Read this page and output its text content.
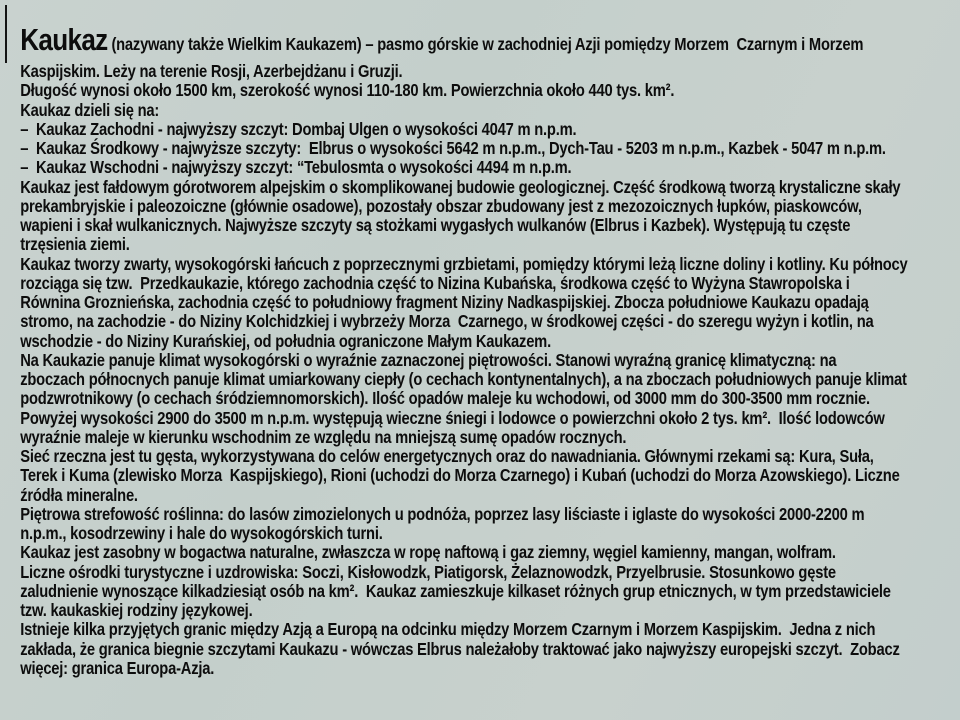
Kaukaz (nazywany także Wielkim Kaukazem) – pasmo górskie w zachodniej Azji pomiędzy Morzem  Czarnym i Morzem
Kaspijskim. Leży na terenie Rosji, Azerbejdżanu i Gruzji.
Długość wynosi około 1500 km, szerokość wynosi 110-180 km. Powierzchnia około 440 tys. km².
Kaukaz dzieli się na:
–  Kaukaz Zachodni - najwyższy szczyt: Dombaj Ulgen o wysokości 4047 m n.p.m.
–  Kaukaz Środkowy - najwyższe szczyty:  Elbrus o wysokości 5642 m n.p.m., Dych-Tau - 5203 m n.p.m., Kazbek - 5047 m n.p.m.
–  Kaukaz Wschodni - najwyższy szczyt: “Tebulosmta o wysokości 4494 m n.p.m.
Kaukaz jest fałdowym górotworem alpejskim o skomplikowanej budowie geologicznej. Część środkową tworzą krystaliczne skały
prekambryjskie i paleozoiczne (głównie osadowe), pozostały obszar zbudowany jest z mezozoicznych łupków, piaskowców,
wapieni i skał wulkanicznych. Najwyższe szczyty są stożkami wygasłych wulkanów (Elbrus i Kazbek). Występują tu częste
trzęsienia ziemi.
Kaukaz tworzy zwarty, wysokogórski łańcuch z poprzecznymi grzbietami, pomiędzy którymi leżą liczne doliny i kotliny. Ku północy
rozciąga się tzw.  Przedkaukazie, którego zachodnia część to Nizina Kubańska, środkowa część to Wyżyna Stawropolska i
Równina Groznieńska, zachodnia część to południowy fragment Niziny Nadkaspijskiej. Zbocza południowe Kaukazu opadają
stromo, na zachodzie - do Niziny Kolchidzkiej i wybrzeży Morza  Czarnego, w środkowej części - do szeregu wyżyn i kotlin, na
wschodzie - do Niziny Kurańskiej, od południa ograniczone Małym Kaukazem.
Na Kaukazie panuje klimat wysokogórski o wyraźnie zaznaczonej piętrowości. Stanowi wyraźną granicę klimatyczną: na
zboczach północnych panuje klimat umiarkowany ciepły (o cechach kontynentalnych), a na zboczach południowych panuje klimat
podzwrotnikowy (o cechach śródziemnomorskich). Ilość opadów maleje ku wchodowi, od 3000 mm do 300-3500 mm rocznie.
Powyżej wysokości 2900 do 3500 m n.p.m. występują wieczne śniegi i lodowce o powierzchni około 2 tys. km².  Ilość lodowców
wyraźnie maleje w kierunku wschodnim ze względu na mniejszą sumę opadów rocznych.
Sieć rzeczna jest tu gęsta, wykorzystywana do celów energetycznych oraz do nawadniania. Głównymi rzekami są: Kura, Suła,
Terek i Kuma (zlewisko Morza  Kaspijskiego), Rioni (uchodzi do Morza Czarnego) i Kubań (uchodzi do Morza Azowskiego). Liczne
źródła mineralne.
Piętrowa strefowość roślinna: do lasów zimozielonych u podnóża, poprzez lasy liściaste i iglaste do wysokości 2000-2200 m
n.p.m., kosodrzewiny i hale do wysokogórskich turni.
Kaukaz jest zasobny w bogactwa naturalne, zwłaszcza w ropę naftową i gaz ziemny, węgiel kamienny, mangan, wolfram.
Liczne ośrodki turystyczne i uzdrowiska: Soczi, Kisłowodzk, Piatigorsk, Żelaznowodzk, Przyelbrusie. Stosunkowo gęste
zaludnienie wynoszące kilkadziesiąt osób na km².  Kaukaz zamieszkuje kilkaset różnych grup etnicznych, w tym przedstawiciele
tzw. kaukaskiej rodziny językowej.
Istnieje kilka przyjętych granic między Azją a Europą na odcinku między Morzem Czarnym i Morzem Kaspijskim.  Jedna z nich
zakłada, że granica biegnie szczytami Kaukazu - wówczas Elbrus należałoby traktować jako najwyższy europejski szczyt.  Zobacz
więcej: granica Europa-Azja.
